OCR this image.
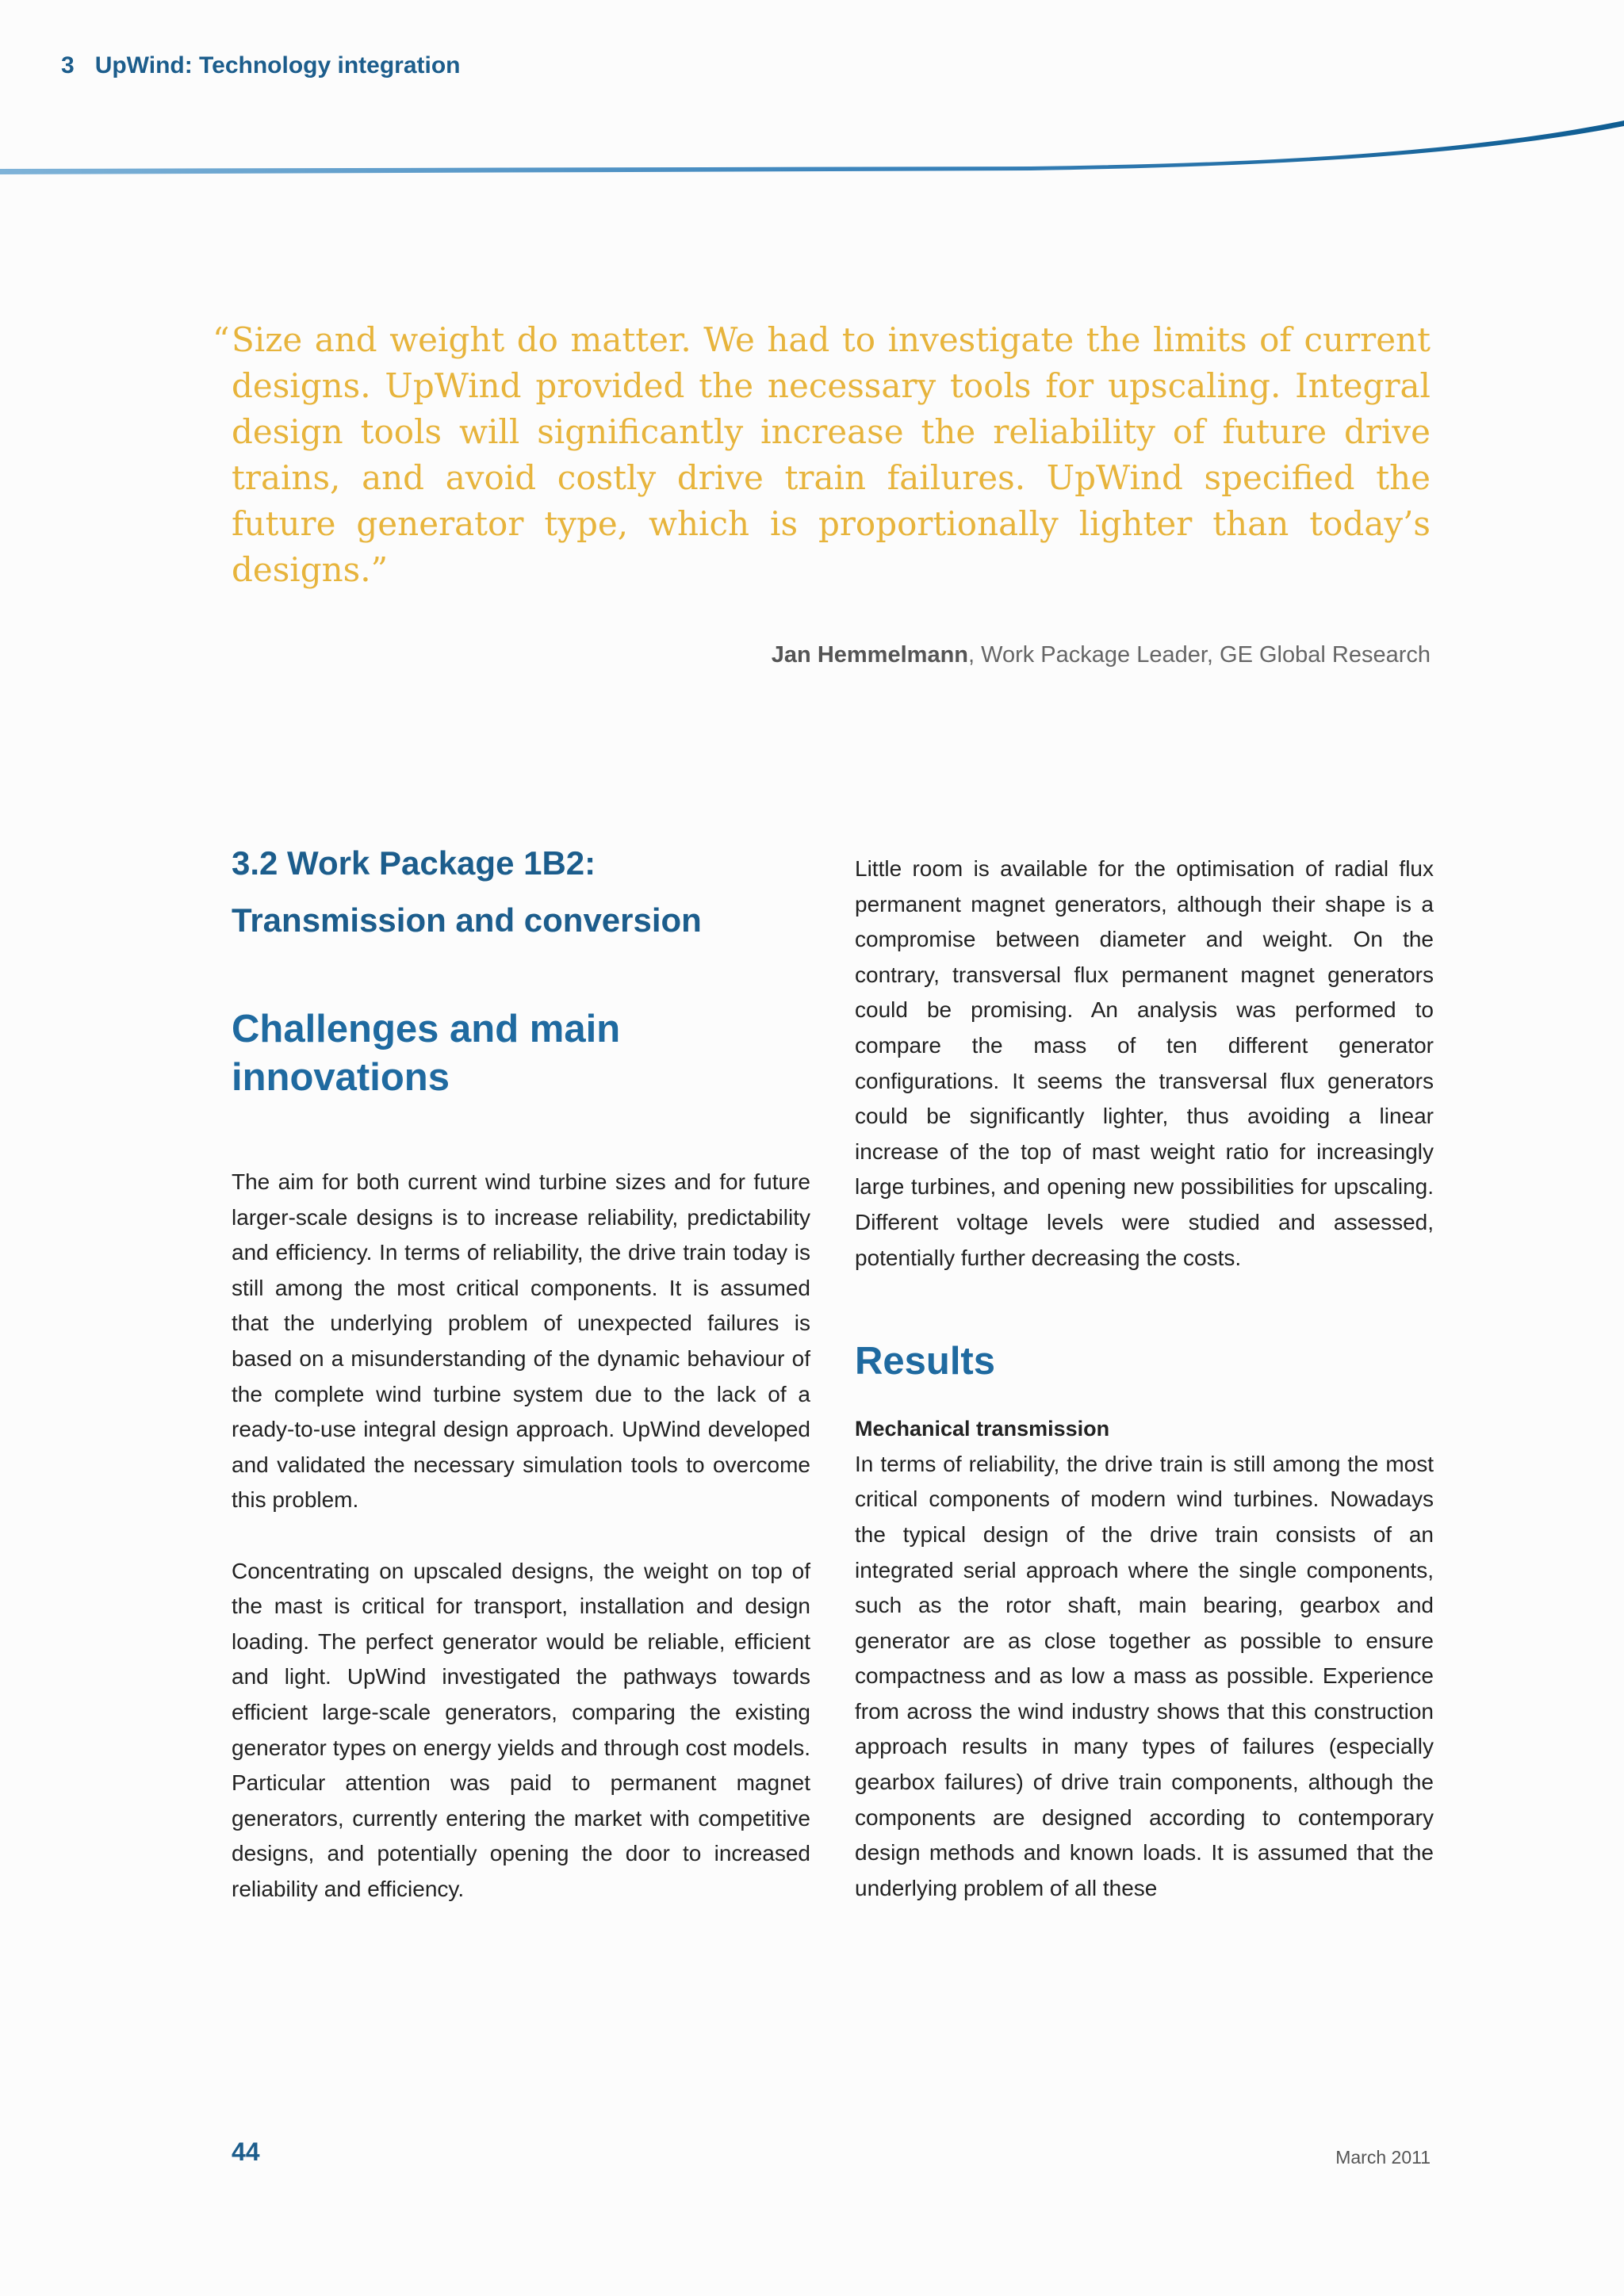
3 UpWind: Technology integration
“ Size and weight do matter. We had to investigate the limits of current designs. UpWind provided the necessary tools for upscaling. Integral design tools will significantly increase the reliability of future drive trains, and avoid costly drive train failures. UpWind specified the future generator type, which is proportionally lighter than today’s designs.”
Jan Hemmelmann, Work Package Leader, GE Global Research
3.2 Work Package 1B2:
Transmission and conversion
Challenges and main
innovations

The aim for both current wind turbine sizes and for future larger-scale designs is to increase reliability, predictability and efficiency. In terms of reliability, the drive train today is still among the most critical components. It is assumed that the underlying problem of unexpected failures is based on a misunderstanding of the dynamic behaviour of the complete wind turbine system due to the lack of a ready-to-use integral design approach. UpWind developed and validated the necessary simulation tools to overcome this problem.

Concentrating on upscaled designs, the weight on top of the mast is critical for transport, installation and design loading. The perfect generator would be reliable, efficient and light. UpWind investigated the pathways towards efficient large-scale generators, comparing the existing generator types on energy yields and through cost models. Particular attention was paid to permanent magnet generators, currently entering the market with competitive designs, and potentially opening the door to increased reliability and efficiency.

Little room is available for the optimisation of radial flux permanent magnet generators, although their shape is a compromise between diameter and weight. On the contrary, transversal flux permanent magnet generators could be promising. An analysis was performed to compare the mass of ten different generator configurations. It seems the transversal flux generators could be significantly lighter, thus avoiding a linear increase of the top of mast weight ratio for increasingly large turbines, and opening new possibilities for upscaling. Different voltage levels were studied and assessed, potentially further decreasing the costs.

Results

Mechanical transmission

In terms of reliability, the drive train is still among the most critical components of modern wind turbines. Nowadays the typical design of the drive train consists of an integrated serial approach where the single components, such as the rotor shaft, main bearing, gearbox and generator are as close together as possible to ensure compactness and as low a mass as possible. Experience from across the wind industry shows that this construction approach results in many types of failures (especially gearbox failures) of drive train components, although the components are designed according to contemporary design methods and known loads. It is assumed that the underlying problem of all these

44	March 2011
